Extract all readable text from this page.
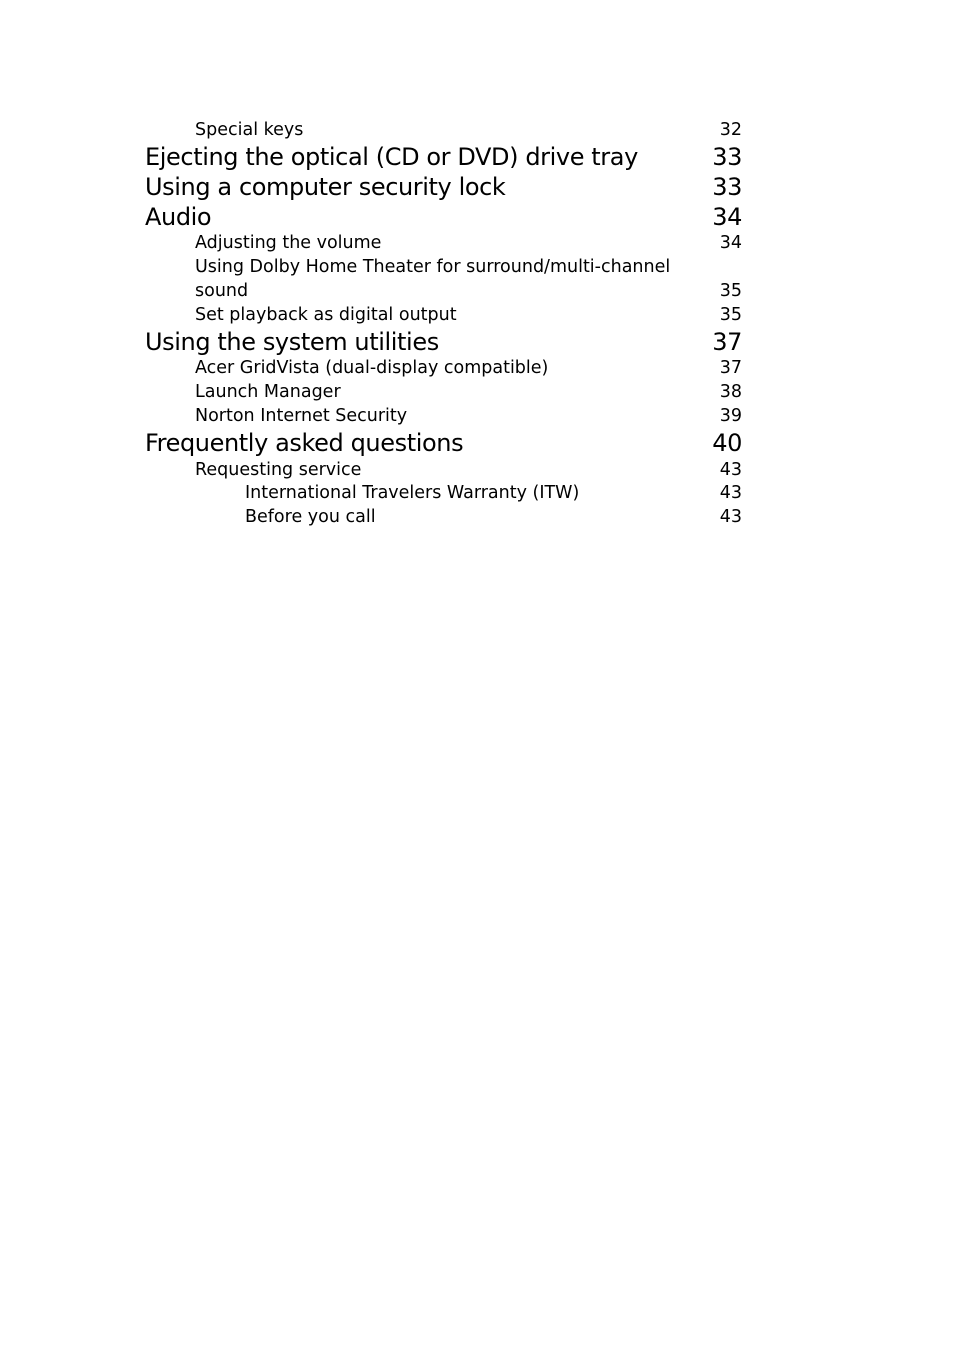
Special keys	32
Ejecting the optical (CD or DVD) drive tray	33
Using a computer security lock	33
Audio	34
Adjusting the volume	34
Using Dolby Home Theater for surround/multi-channel sound	35
Set playback as digital output	35
Using the system utilities	37
Acer GridVista (dual-display compatible)	37
Launch Manager	38
Norton Internet Security	39
Frequently asked questions	40
Requesting service	43
International Travelers Warranty (ITW)	43
Before you call	43
